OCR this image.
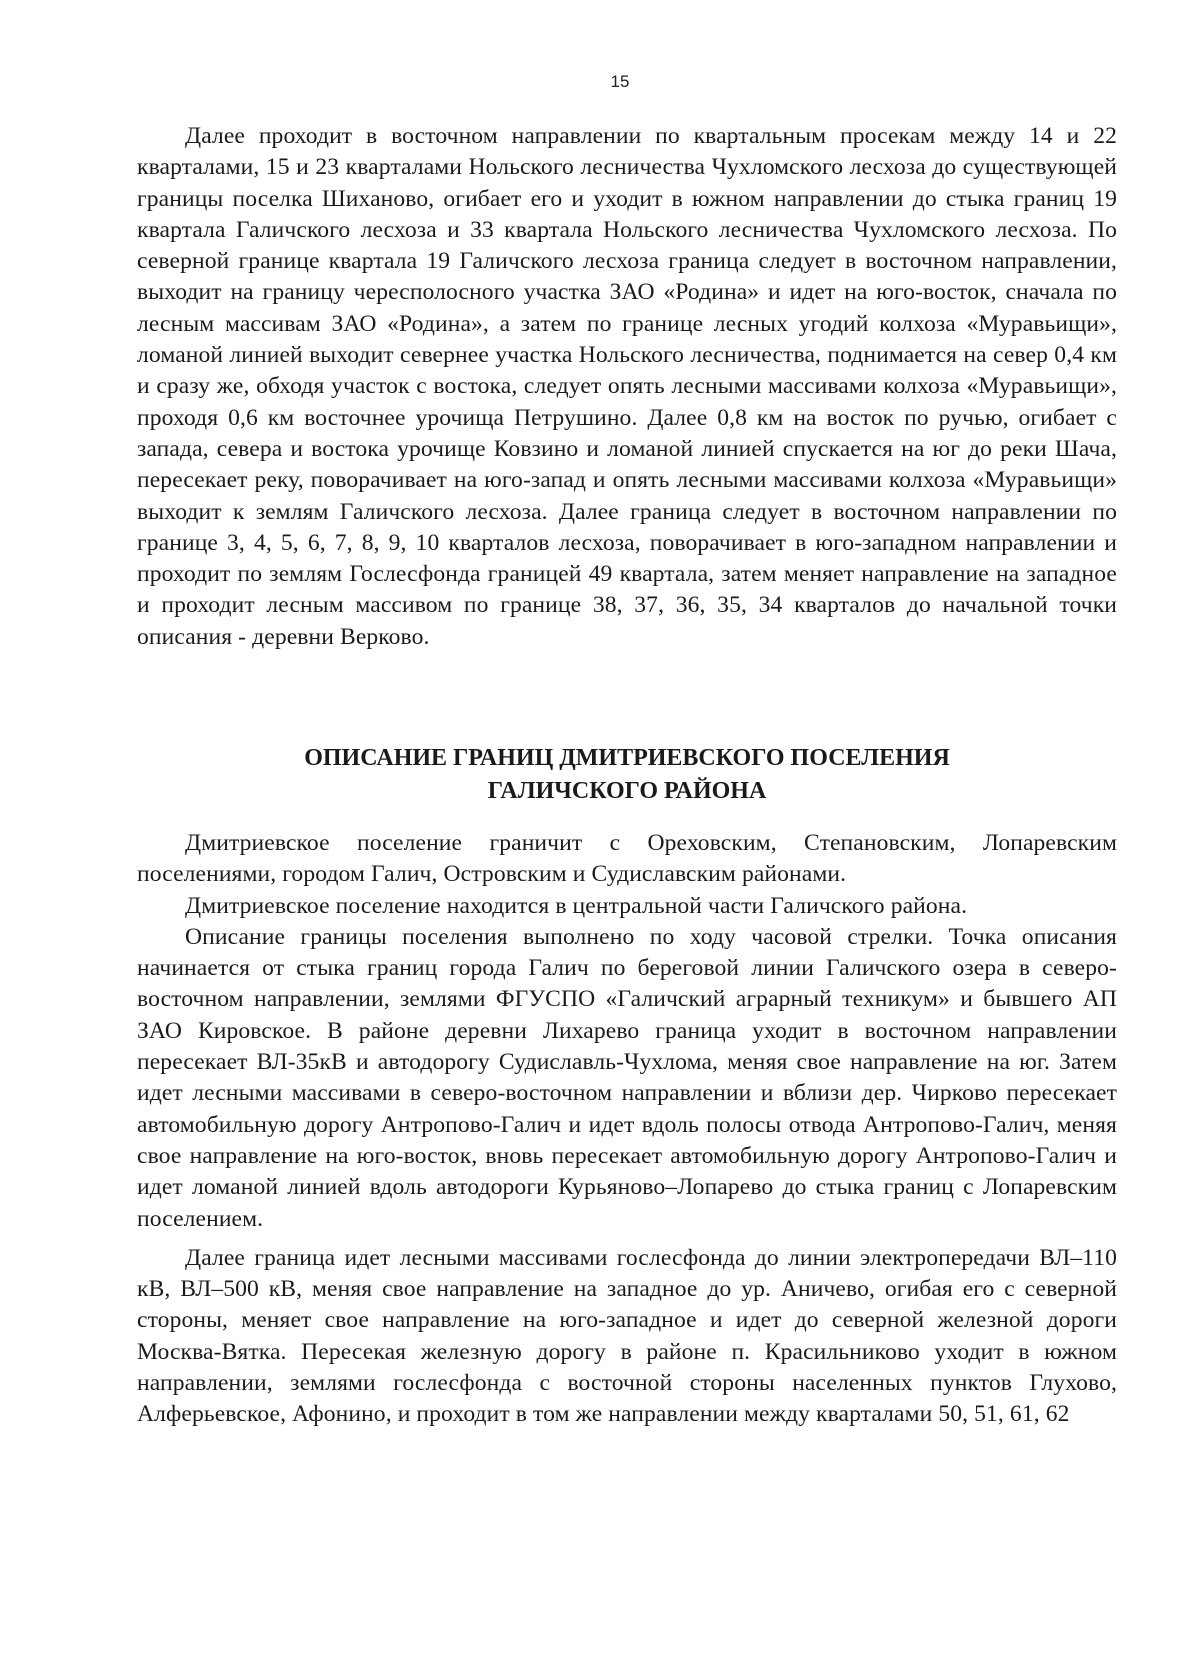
15

Далее проходит в восточном направлении по квартальным просекам между 14 и 22 кварталами, 15 и 23 кварталами Нольского лесничества Чухломского лесхоза до существующей границы поселка Шиханово, огибает его и уходит в южном направлении до стыка границ 19 квартала Галичского лесхоза и 33 квартала Нольского лесничества Чухломского лесхоза. По северной границе квартала 19 Галичского лесхоза граница следует в восточном направлении, выходит на границу чересполосного участка ЗАО «Родина» и идет на юго-восток, сначала по лесным массивам ЗАО «Родина», а затем по границе лесных угодий колхоза «Муравьищи», ломаной линией выходит севернее участка Нольского лесничества, поднимается на север 0,4 км и сразу же, обходя участок с востока, следует опять лесными массивами колхоза «Муравьищи», проходя 0,6 км восточнее урочища Петрушино. Далее 0,8 км на восток по ручью, огибает с запада, севера и востока урочище Ковзино и ломаной линией спускается на юг до реки Шача, пересекает реку, поворачивает на юго-запад и опять лесными массивами колхоза «Муравьищи» выходит к землям Галичского лесхоза. Далее граница следует в восточном направлении по границе 3, 4, 5, 6, 7, 8, 9, 10 кварталов лесхоза, поворачивает в юго-западном направлении и проходит по землям Гослесфонда границей 49 квартала, затем меняет направление на западное и проходит лесным массивом по границе 38, 37, 36, 35, 34 кварталов до начальной точки описания - деревни Верково.

ОПИСАНИЕ ГРАНИЦ ДМИТРИЕВСКОГО ПОСЕЛЕНИЯ
ГАЛИЧСКОГО РАЙОНА

Дмитриевское поселение граничит с Ореховским, Степановским, Лопаревским поселениями, городом Галич, Островским и Судиславским районами.

Дмитриевское поселение находится в центральной части Галичского района.

Описание границы поселения выполнено по ходу часовой стрелки. Точка описания начинается от стыка границ города Галич по береговой линии Галичского озера в северо-восточном направлении, землями ФГУСПО «Галичский аграрный техникум» и бывшего АП ЗАО Кировское. В районе деревни Лихарево граница уходит в восточном направлении пересекает ВЛ-35кВ и автодорогу Судиславль-Чухлома, меняя свое направление на юг. Затем идет лесными массивами в северо-восточном направлении и вблизи дер. Чирково пересекает автомобильную дорогу Антропово-Галич и идет вдоль полосы отвода Антропово-Галич, меняя свое направление на юго-восток, вновь пересекает автомобильную дорогу Антропово-Галич и идет ломаной линией вдоль автодороги Курьяново–Лопарево до стыка границ с Лопаревским поселением.

Далее граница идет лесными массивами гослесфонда до линии электропередачи ВЛ–110 кВ, ВЛ–500 кВ, меняя свое направление на западное до ур. Аничево, огибая его с северной стороны, меняет свое направление на юго-западное и идет до северной железной дороги Москва-Вятка. Пересекая железную дорогу в районе п. Красильниково уходит в южном направлении, землями гослесфонда с восточной стороны населенных пунктов Глухово, Алферьевское, Афонино, и проходит в том же направлении между кварталами 50, 51, 61, 62
